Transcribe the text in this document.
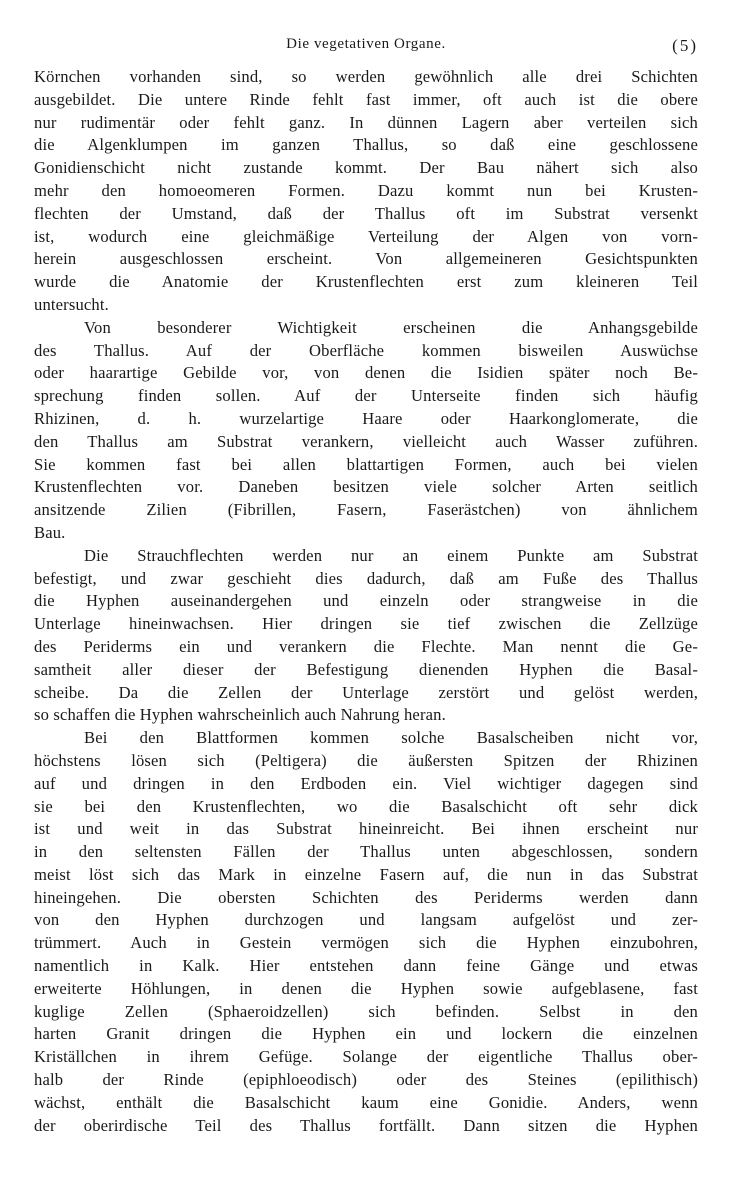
Die vegetativen Organe.	(5)
Körnchen vorhanden sind, so werden gewöhnlich alle drei Schichten
ausgebildet. Die untere Rinde fehlt fast immer, oft auch ist die obere
nur rudimentär oder fehlt ganz. In dünnen Lagern aber verteilen sich
die Algenklumpen im ganzen Thallus, so daß eine geschlossene
Gonidienschicht nicht zustande kommt. Der Bau nähert sich also
mehr den homoeomeren Formen. Dazu kommt nun bei Krusten-
flechten der Umstand, daß der Thallus oft im Substrat versenkt
ist, wodurch eine gleichmäßige Verteilung der Algen von vorn-
herein ausgeschlossen erscheint. Von allgemeineren Gesichtspunkten
wurde die Anatomie der Krustenflechten erst zum kleineren Teil
untersucht.
Von besonderer Wichtigkeit erscheinen die Anhangsgebilde
des Thallus. Auf der Oberfläche kommen bisweilen Auswüchse
oder haarartige Gebilde vor, von denen die Isidien später noch Be-
sprechung finden sollen. Auf der Unterseite finden sich häufig
Rhizinen, d. h. wurzelartige Haare oder Haarkonglomerate, die
den Thallus am Substrat verankern, vielleicht auch Wasser zuführen.
Sie kommen fast bei allen blattartigen Formen, auch bei vielen
Krustenflechten vor. Daneben besitzen viele solcher Arten seitlich
ansitzende Zilien (Fibrillen, Fasern, Faserästchen) von ähnlichem
Bau.
Die Strauchflechten werden nur an einem Punkte am Substrat
befestigt, und zwar geschieht dies dadurch, daß am Fuße des Thallus
die Hyphen auseinandergehen und einzeln oder strangweise in die
Unterlage hineinwachsen. Hier dringen sie tief zwischen die Zellzüge
des Periderms ein und verankern die Flechte. Man nennt die Ge-
samtheit aller dieser der Befestigung dienenden Hyphen die Basal-
scheibe. Da die Zellen der Unterlage zerstört und gelöst werden,
so schaffen die Hyphen wahrscheinlich auch Nahrung heran.
Bei den Blattformen kommen solche Basalscheiben nicht vor,
höchstens lösen sich (Peltigera) die äußersten Spitzen der Rhizinen
auf und dringen in den Erdboden ein. Viel wichtiger dagegen sind
sie bei den Krustenflechten, wo die Basalschicht oft sehr dick
ist und weit in das Substrat hineinreicht. Bei ihnen erscheint nur
in den seltensten Fällen der Thallus unten abgeschlossen, sondern
meist löst sich das Mark in einzelne Fasern auf, die nun in das Substrat
hineingehen. Die obersten Schichten des Periderms werden dann
von den Hyphen durchzogen und langsam aufgelöst und zer-
trümmert. Auch in Gestein vermögen sich die Hyphen einzubohren,
namentlich in Kalk. Hier entstehen dann feine Gänge und etwas
erweiterte Höhlungen, in denen die Hyphen sowie aufgeblasene, fast
kuglige Zellen (Sphaeroidzellen) sich befinden. Selbst in den
harten Granit dringen die Hyphen ein und lockern die einzelnen
Kriställchen in ihrem Gefüge. Solange der eigentliche Thallus ober-
halb der Rinde (epiphloeodisch) oder des Steines (epilithisch)
wächst, enthält die Basalschicht kaum eine Gonidie. Anders, wenn
der oberirdische Teil des Thallus fortfällt. Dann sitzen die Hyphen
